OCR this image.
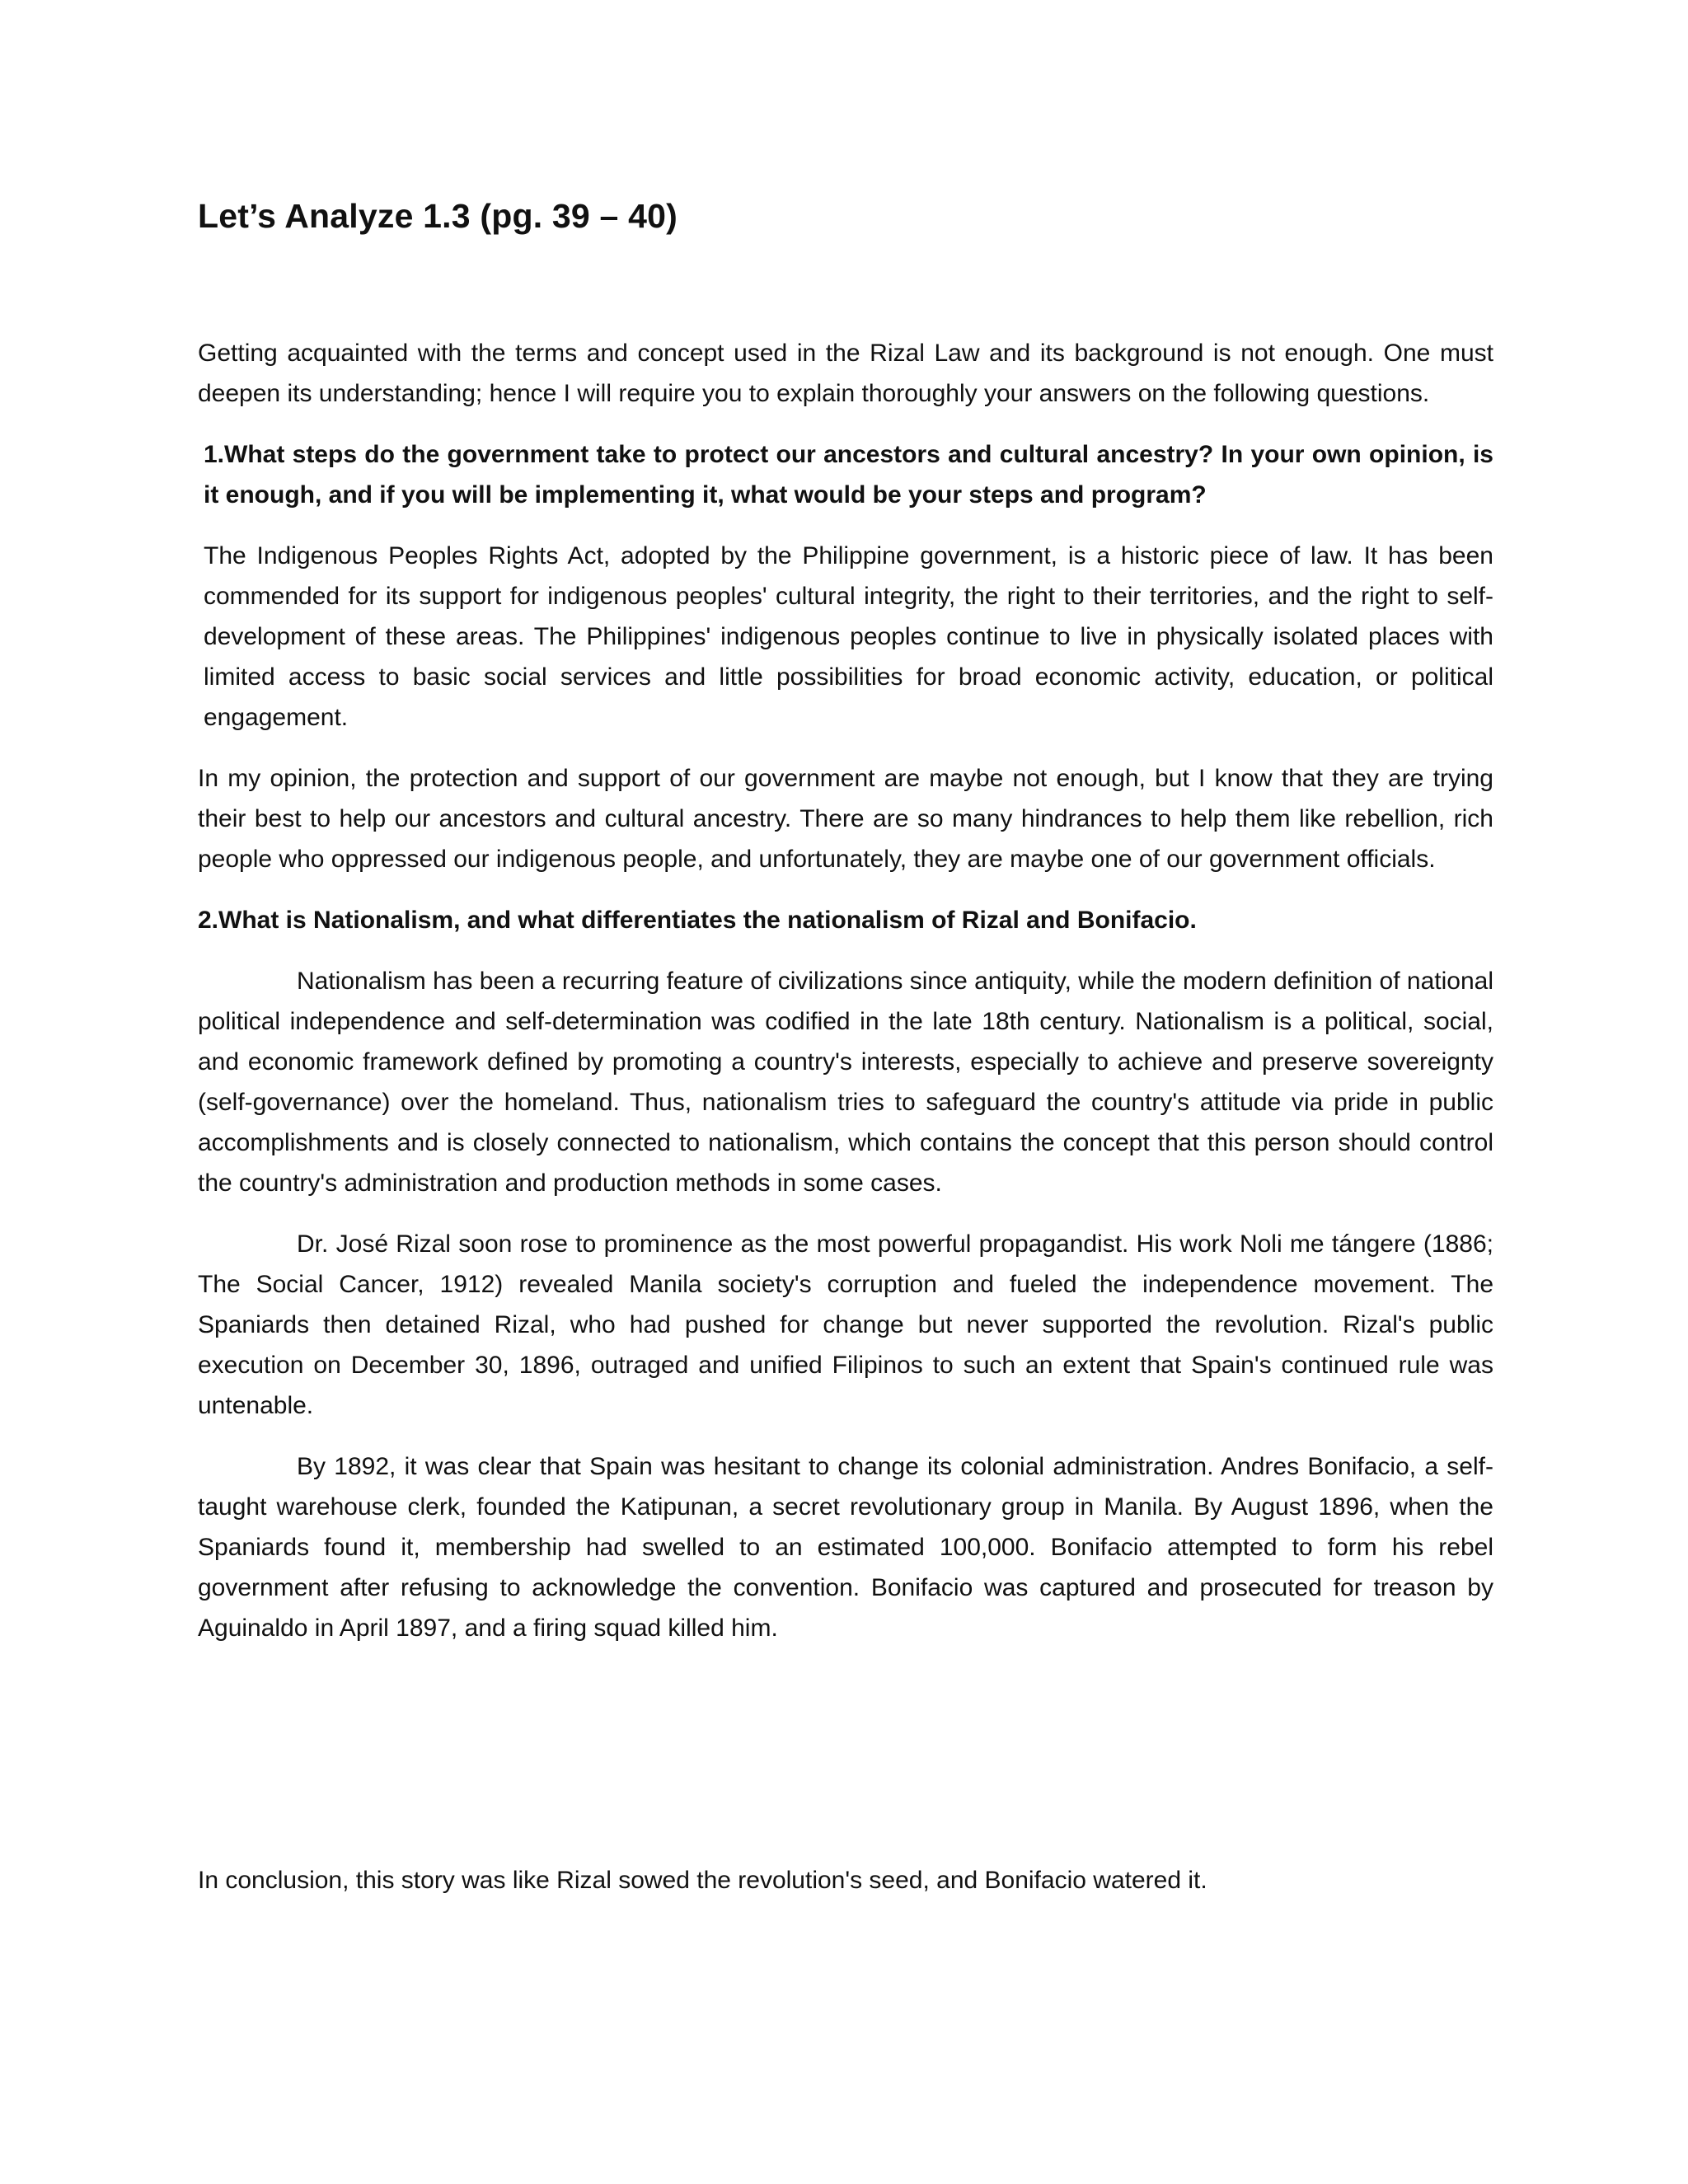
Let’s Analyze 1.3 (pg. 39 – 40)

Getting acquainted with the terms and concept used in the Rizal Law and its background is not enough. One must deepen its understanding; hence I will require you to explain thoroughly your answers on the following questions.

1.What steps do the government take to protect our ancestors and cultural ancestry? In your own opinion, is it enough, and if you will be implementing it, what would be your steps and program?

The Indigenous Peoples Rights Act, adopted by the Philippine government, is a historic piece of law. It has been commended for its support for indigenous peoples' cultural integrity, the right to their territories, and the right to self-development of these areas. The Philippines' indigenous peoples continue to live in physically isolated places with limited access to basic social services and little possibilities for broad economic activity, education, or political engagement.

In my opinion, the protection and support of our government are maybe not enough, but I know that they are trying their best to help our ancestors and cultural ancestry. There are so many hindrances to help them like rebellion, rich people who oppressed our indigenous people, and unfortunately, they are maybe one of our government officials.

2.What is Nationalism, and what differentiates the nationalism of Rizal and Bonifacio.

Nationalism has been a recurring feature of civilizations since antiquity, while the modern definition of national political independence and self-determination was codified in the late 18th century. Nationalism is a political, social, and economic framework defined by promoting a country's interests, especially to achieve and preserve sovereignty (self-governance) over the homeland. Thus, nationalism tries to safeguard the country's attitude via pride in public accomplishments and is closely connected to nationalism, which contains the concept that this person should control the country's administration and production methods in some cases.

Dr. José Rizal soon rose to prominence as the most powerful propagandist. His work Noli me tángere (1886; The Social Cancer, 1912) revealed Manila society's corruption and fueled the independence movement. The Spaniards then detained Rizal, who had pushed for change but never supported the revolution. Rizal's public execution on December 30, 1896, outraged and unified Filipinos to such an extent that Spain's continued rule was untenable.

By 1892, it was clear that Spain was hesitant to change its colonial administration. Andres Bonifacio, a self-taught warehouse clerk, founded the Katipunan, a secret revolutionary group in Manila. By August 1896, when the Spaniards found it, membership had swelled to an estimated 100,000. Bonifacio attempted to form his rebel government after refusing to acknowledge the convention. Bonifacio was captured and prosecuted for treason by Aguinaldo in April 1897, and a firing squad killed him.

In conclusion, this story was like Rizal sowed the revolution's seed, and Bonifacio watered it.
